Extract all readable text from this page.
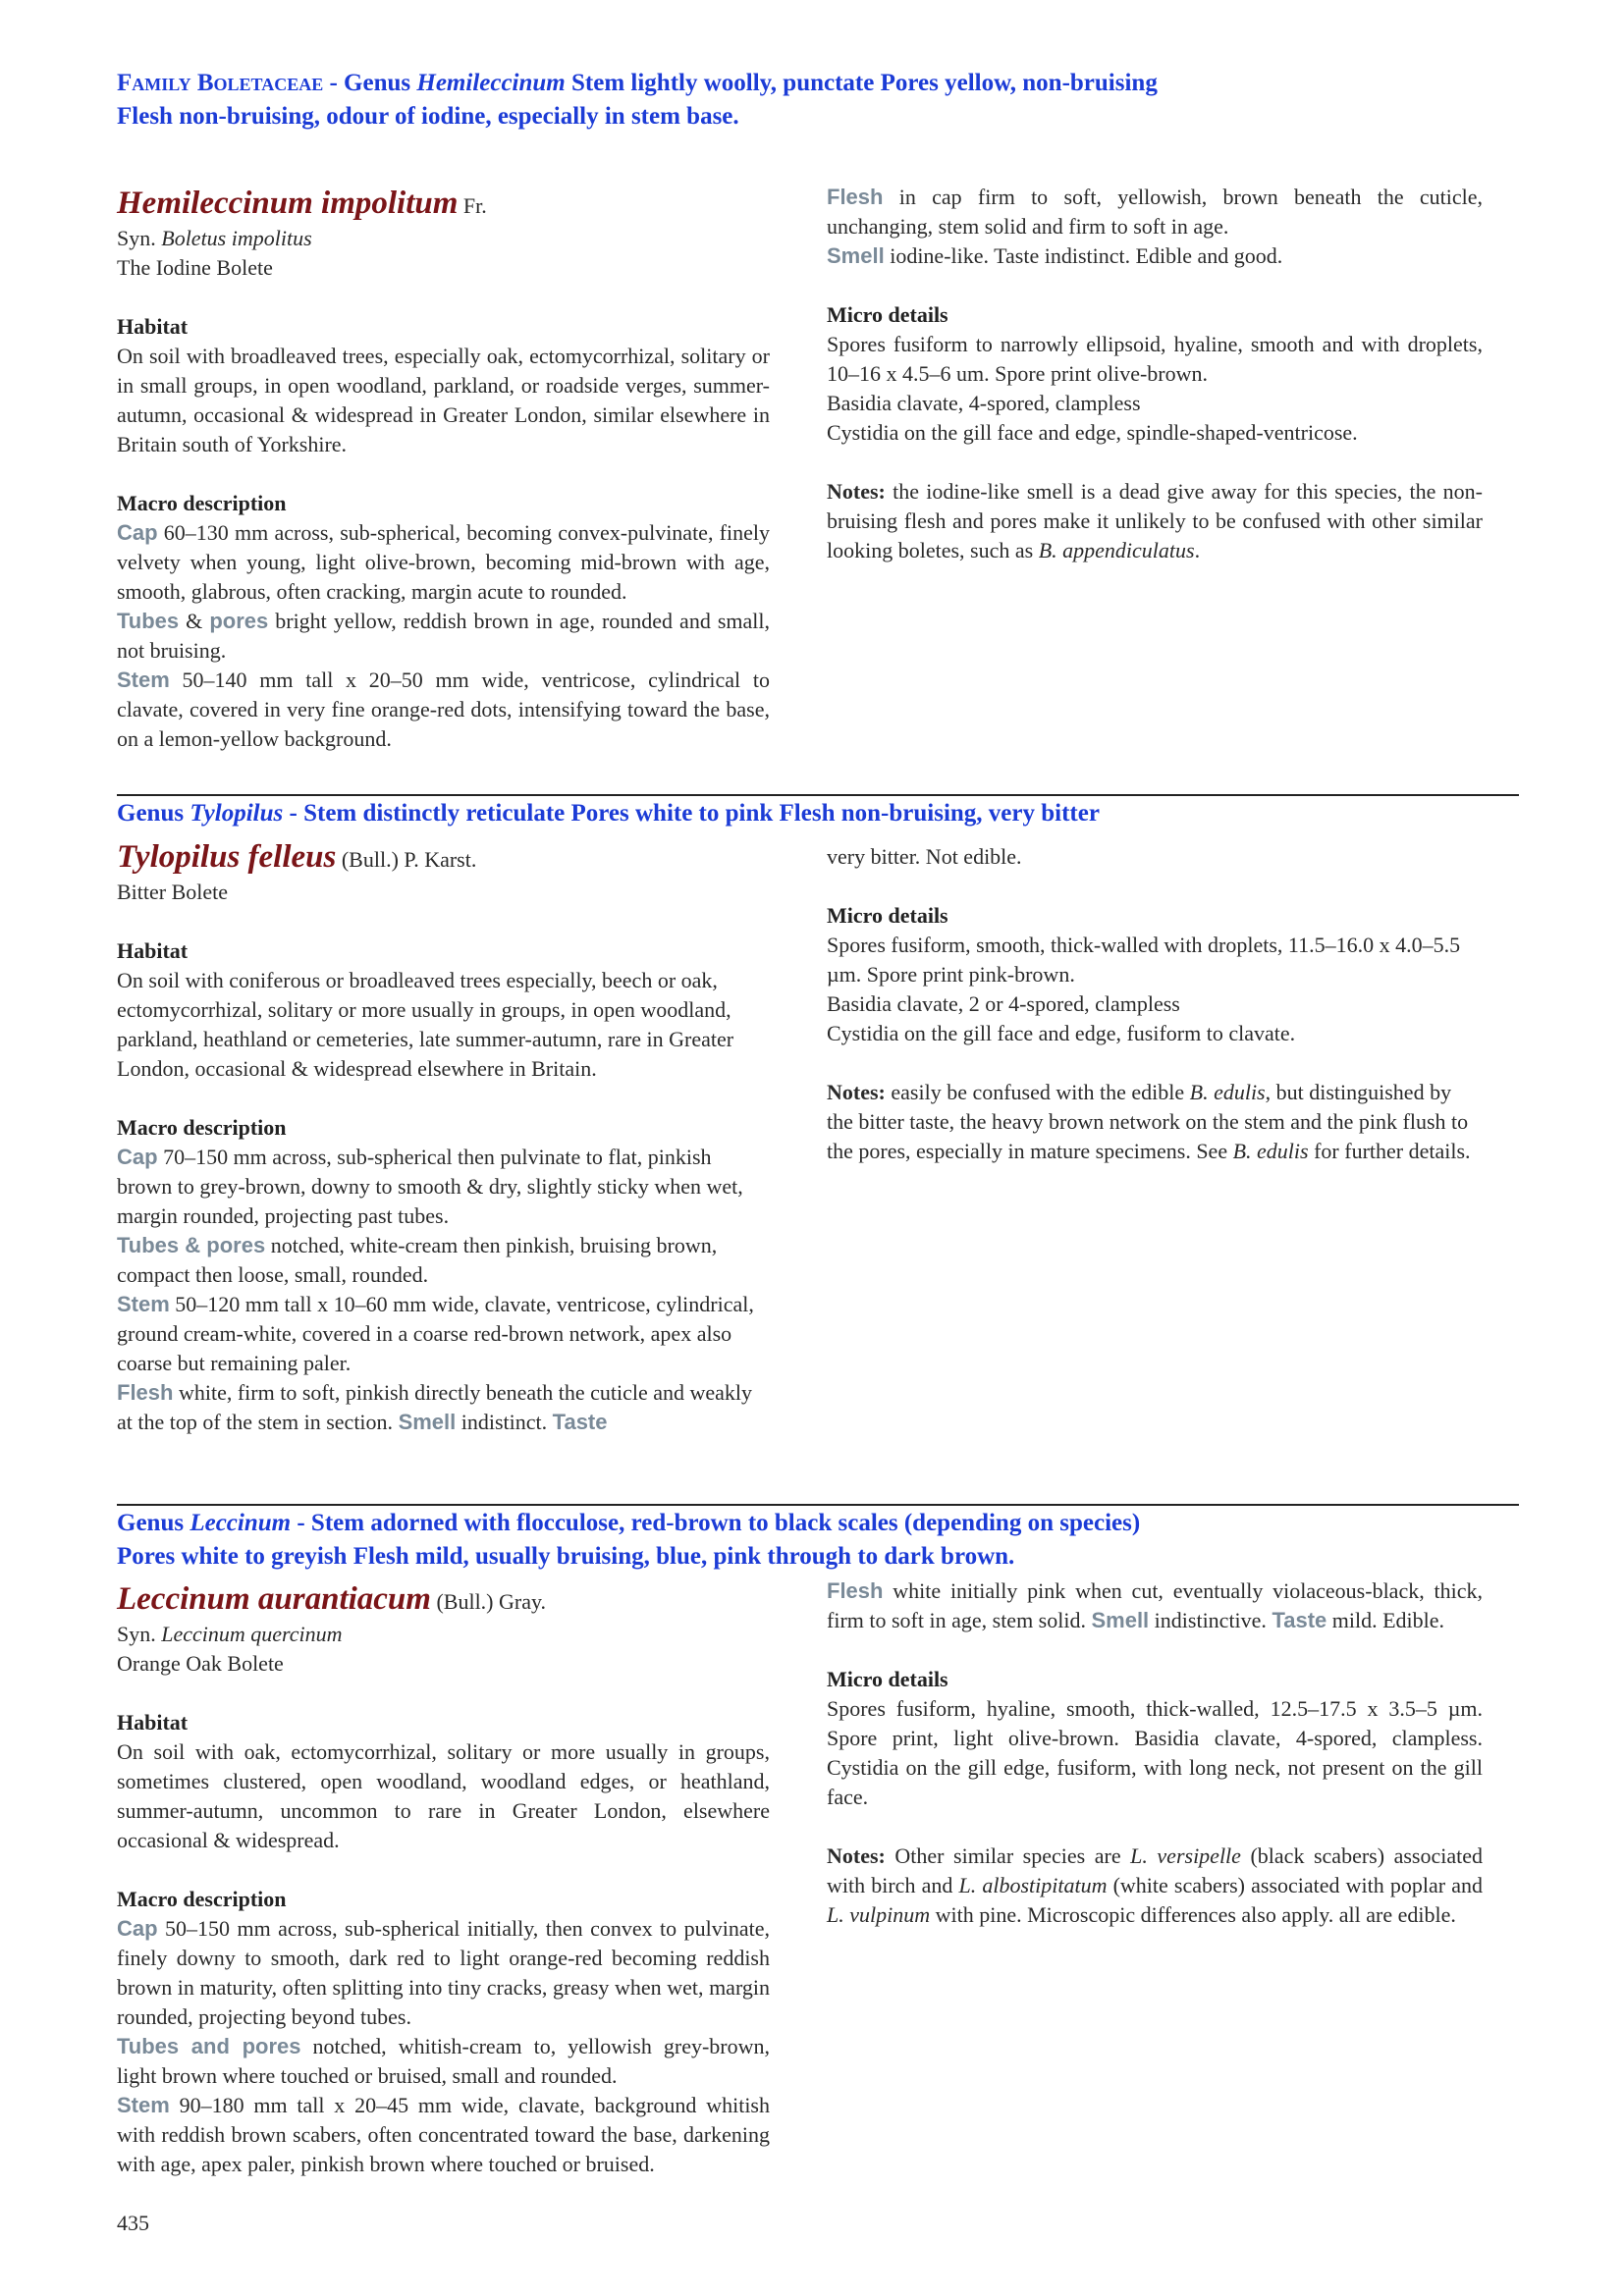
Family Boletaceae - Genus Hemileccinum Stem lightly woolly, punctate Pores yellow, non-bruising
Flesh non-bruising, odour of iodine, especially in stem base.

Hemileccinum impolitum Fr.

Syn. Boletus impolitus

The Iodine Bolete

Habitat

On soil with broadleaved trees, especially oak, ectomycorrhizal, solitary or in small groups, in open woodland, parkland, or roadside verges, summer-autumn, occasional & widespread in Greater London, similar elsewhere in Britain south of Yorkshire.

Macro description

Cap 60–130 mm across, sub-spherical, becoming convex-pulvinate, finely velvety when young, light olive-brown, becoming mid-brown with age, smooth, glabrous, often cracking, margin acute to rounded.

Tubes & pores bright yellow, reddish brown in age, rounded and small, not bruising.

Stem 50–140 mm tall x 20–50 mm wide, ventricose, cylindrical to clavate, covered in very fine orange-red dots, intensifying toward the base, on a lemon-yellow background.

Flesh in cap firm to soft, yellowish, brown beneath the cuticle, unchanging, stem solid and firm to soft in age.

Smell iodine-like. Taste indistinct. Edible and good.

Micro details

Spores fusiform to narrowly ellipsoid, hyaline, smooth and with droplets, 10–16 x 4.5–6 um. Spore print olive-brown.

Basidia clavate, 4-spored, clampless

Cystidia on the gill face and edge, spindle-shaped-ventricose.

Notes: the iodine-like smell is a dead give away for this species, the non-bruising flesh and pores make it unlikely to be confused with other similar looking boletes, such as B. appendiculatus.

Genus Tylopilus - Stem distinctly reticulate Pores white to pink Flesh non-bruising, very bitter

Tylopilus felleus (Bull.) P. Karst.

Bitter Bolete

Habitat

On soil with coniferous or broadleaved trees especially, beech or oak, ectomycorrhizal, solitary or more usually in groups, in open woodland, parkland, heathland or cemeteries, late summer-autumn, rare in Greater London, occasional & widespread elsewhere in Britain.

Macro description

Cap 70–150 mm across, sub-spherical then pulvinate to flat, pinkish brown to grey-brown, downy to smooth & dry, slightly sticky when wet, margin rounded, projecting past tubes.

Tubes & pores notched, white-cream then pinkish, bruising brown, compact then loose, small, rounded.

Stem 50–120 mm tall x 10–60 mm wide, clavate, ventricose, cylindrical, ground cream-white, covered in a coarse red-brown network, apex also coarse but remaining paler.

Flesh white, firm to soft, pinkish directly beneath the cuticle and weakly at the top of the stem in section. Smell indistinct. Taste

very bitter. Not edible.

Micro details

Spores fusiform, smooth, thick-walled with droplets, 11.5–16.0 x 4.0–5.5 µm. Spore print pink-brown.

Basidia clavate, 2 or 4-spored, clampless

Cystidia on the gill face and edge, fusiform to clavate.

Notes: easily be confused with the edible B. edulis, but distinguished by the bitter taste, the heavy brown network on the stem and the pink flush to the pores, especially in mature specimens. See B. edulis for further details.

Genus Leccinum - Stem adorned with flocculose, red-brown to black scales (depending on species)
Pores white to greyish Flesh mild, usually bruising, blue, pink through to dark brown.

Leccinum aurantiacum (Bull.) Gray.

Syn. Leccinum quercinum

Orange Oak Bolete

Habitat

On soil with oak, ectomycorrhizal, solitary or more usually in groups, sometimes clustered, open woodland, woodland edges, or heathland, summer-autumn, uncommon to rare in Greater London, elsewhere occasional & widespread.

Macro description

Cap 50–150 mm across, sub-spherical initially, then convex to pulvinate, finely downy to smooth, dark red to light orange-red becoming reddish brown in maturity, often splitting into tiny cracks, greasy when wet, margin rounded, projecting beyond tubes.

Tubes and pores notched, whitish-cream to, yellowish grey-brown, light brown where touched or bruised, small and rounded.

Stem 90–180 mm tall x 20–45 mm wide, clavate, background whitish with reddish brown scabers, often concentrated toward the base, darkening with age, apex paler, pinkish brown where touched or bruised.

Flesh white initially pink when cut, eventually violaceous-black, thick, firm to soft in age, stem solid. Smell indistinctive. Taste mild. Edible.

Micro details

Spores fusiform, hyaline, smooth, thick-walled, 12.5–17.5 x 3.5–5 µm. Spore print, light olive-brown. Basidia clavate, 4-spored, clampless. Cystidia on the gill edge, fusiform, with long neck, not present on the gill face.

Notes: Other similar species are L. versipelle (black scabers) associated with birch and L. albostipitatum (white scabers) associated with poplar and L. vulpinum with pine. Microscopic differences also apply. all are edible.

435
